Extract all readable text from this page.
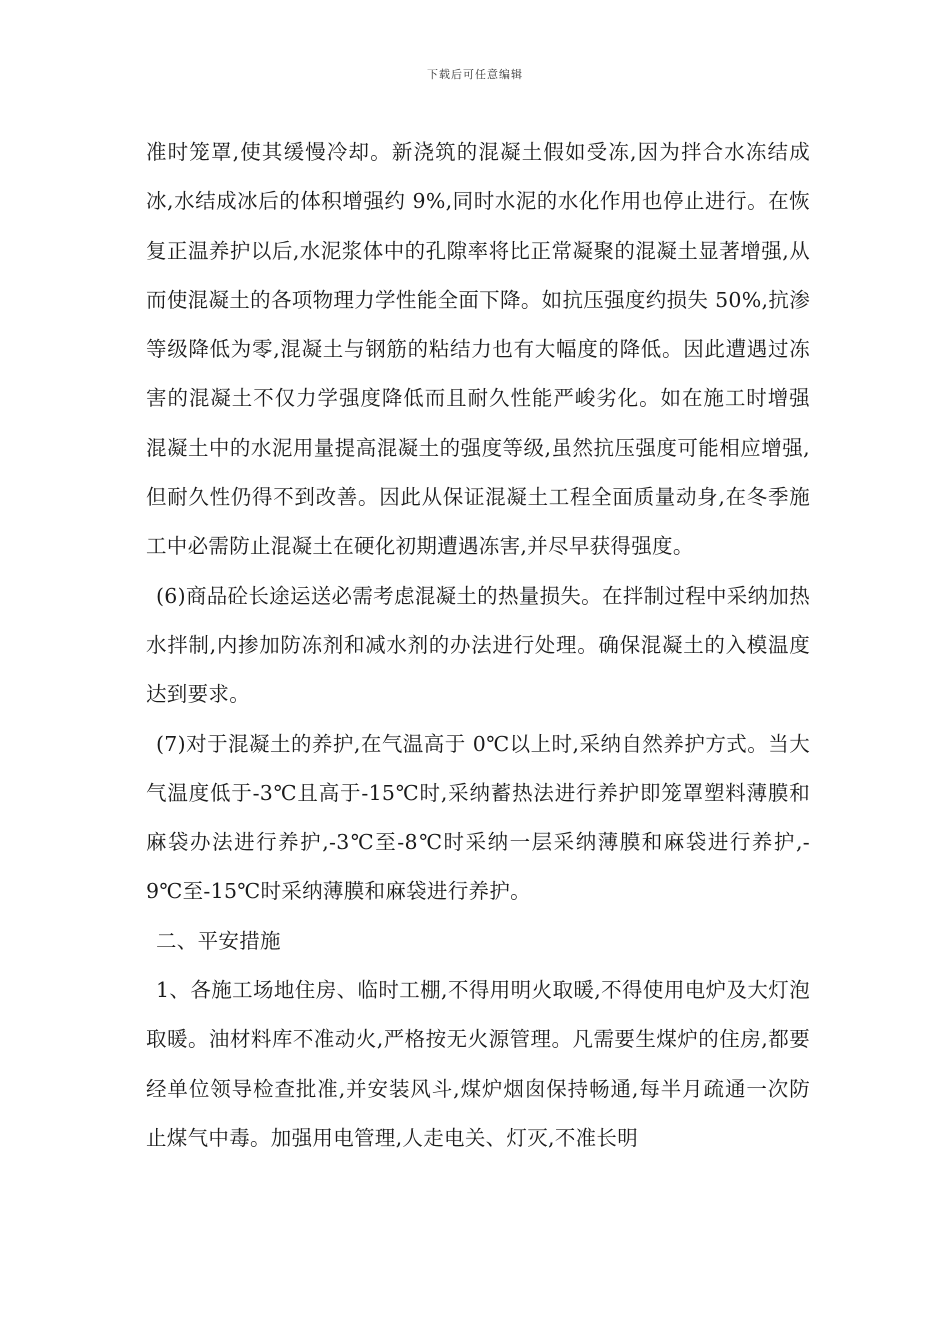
下载后可任意编辑

准时笼罩,使其缓慢冷却。新浇筑的混凝土假如受冻,因为拌合水冻结成冰,水结成冰后的体积增强约 9%,同时水泥的水化作用也停止进行。在恢复正温养护以后,水泥浆体中的孔隙率将比正常凝聚的混凝土显著增强,从而使混凝土的各项物理力学性能全面下降。如抗压强度约损失 50%,抗渗等级降低为零,混凝土与钢筋的粘结力也有大幅度的降低。因此遭遇过冻害的混凝土不仅力学强度降低而且耐久性能严峻劣化。如在施工时增强混凝土中的水泥用量提高混凝土的强度等级,虽然抗压强度可能相应增强,但耐久性仍得不到改善。因此从保证混凝土工程全面质量动身,在冬季施工中必需防止混凝土在硬化初期遭遇冻害,并尽早获得强度。

(6)商品砼长途运送必需考虑混凝土的热量损失。在拌制过程中采纳加热水拌制,内掺加防冻剂和减水剂的办法进行处理。确保混凝土的入模温度达到要求。

(7)对于混凝土的养护,在气温高于 0℃以上时,采纳自然养护方式。当大气温度低于-3℃且高于-15℃时,采纳蓄热法进行养护即笼罩塑料薄膜和麻袋办法进行养护,-3℃至-8℃时采纳一层采纳薄膜和麻袋进行养护,-9℃至-15℃时采纳薄膜和麻袋进行养护。

二、平安措施

1、各施工场地住房、临时工棚,不得用明火取暖,不得使用电炉及大灯泡取暖。油材料库不准动火,严格按无火源管理。凡需要生煤炉的住房,都要经单位领导检查批准,并安装风斗,煤炉烟囱保持畅通,每半月疏通一次防止煤气中毒。加强用电管理,人走电关、灯灭,不准长明
